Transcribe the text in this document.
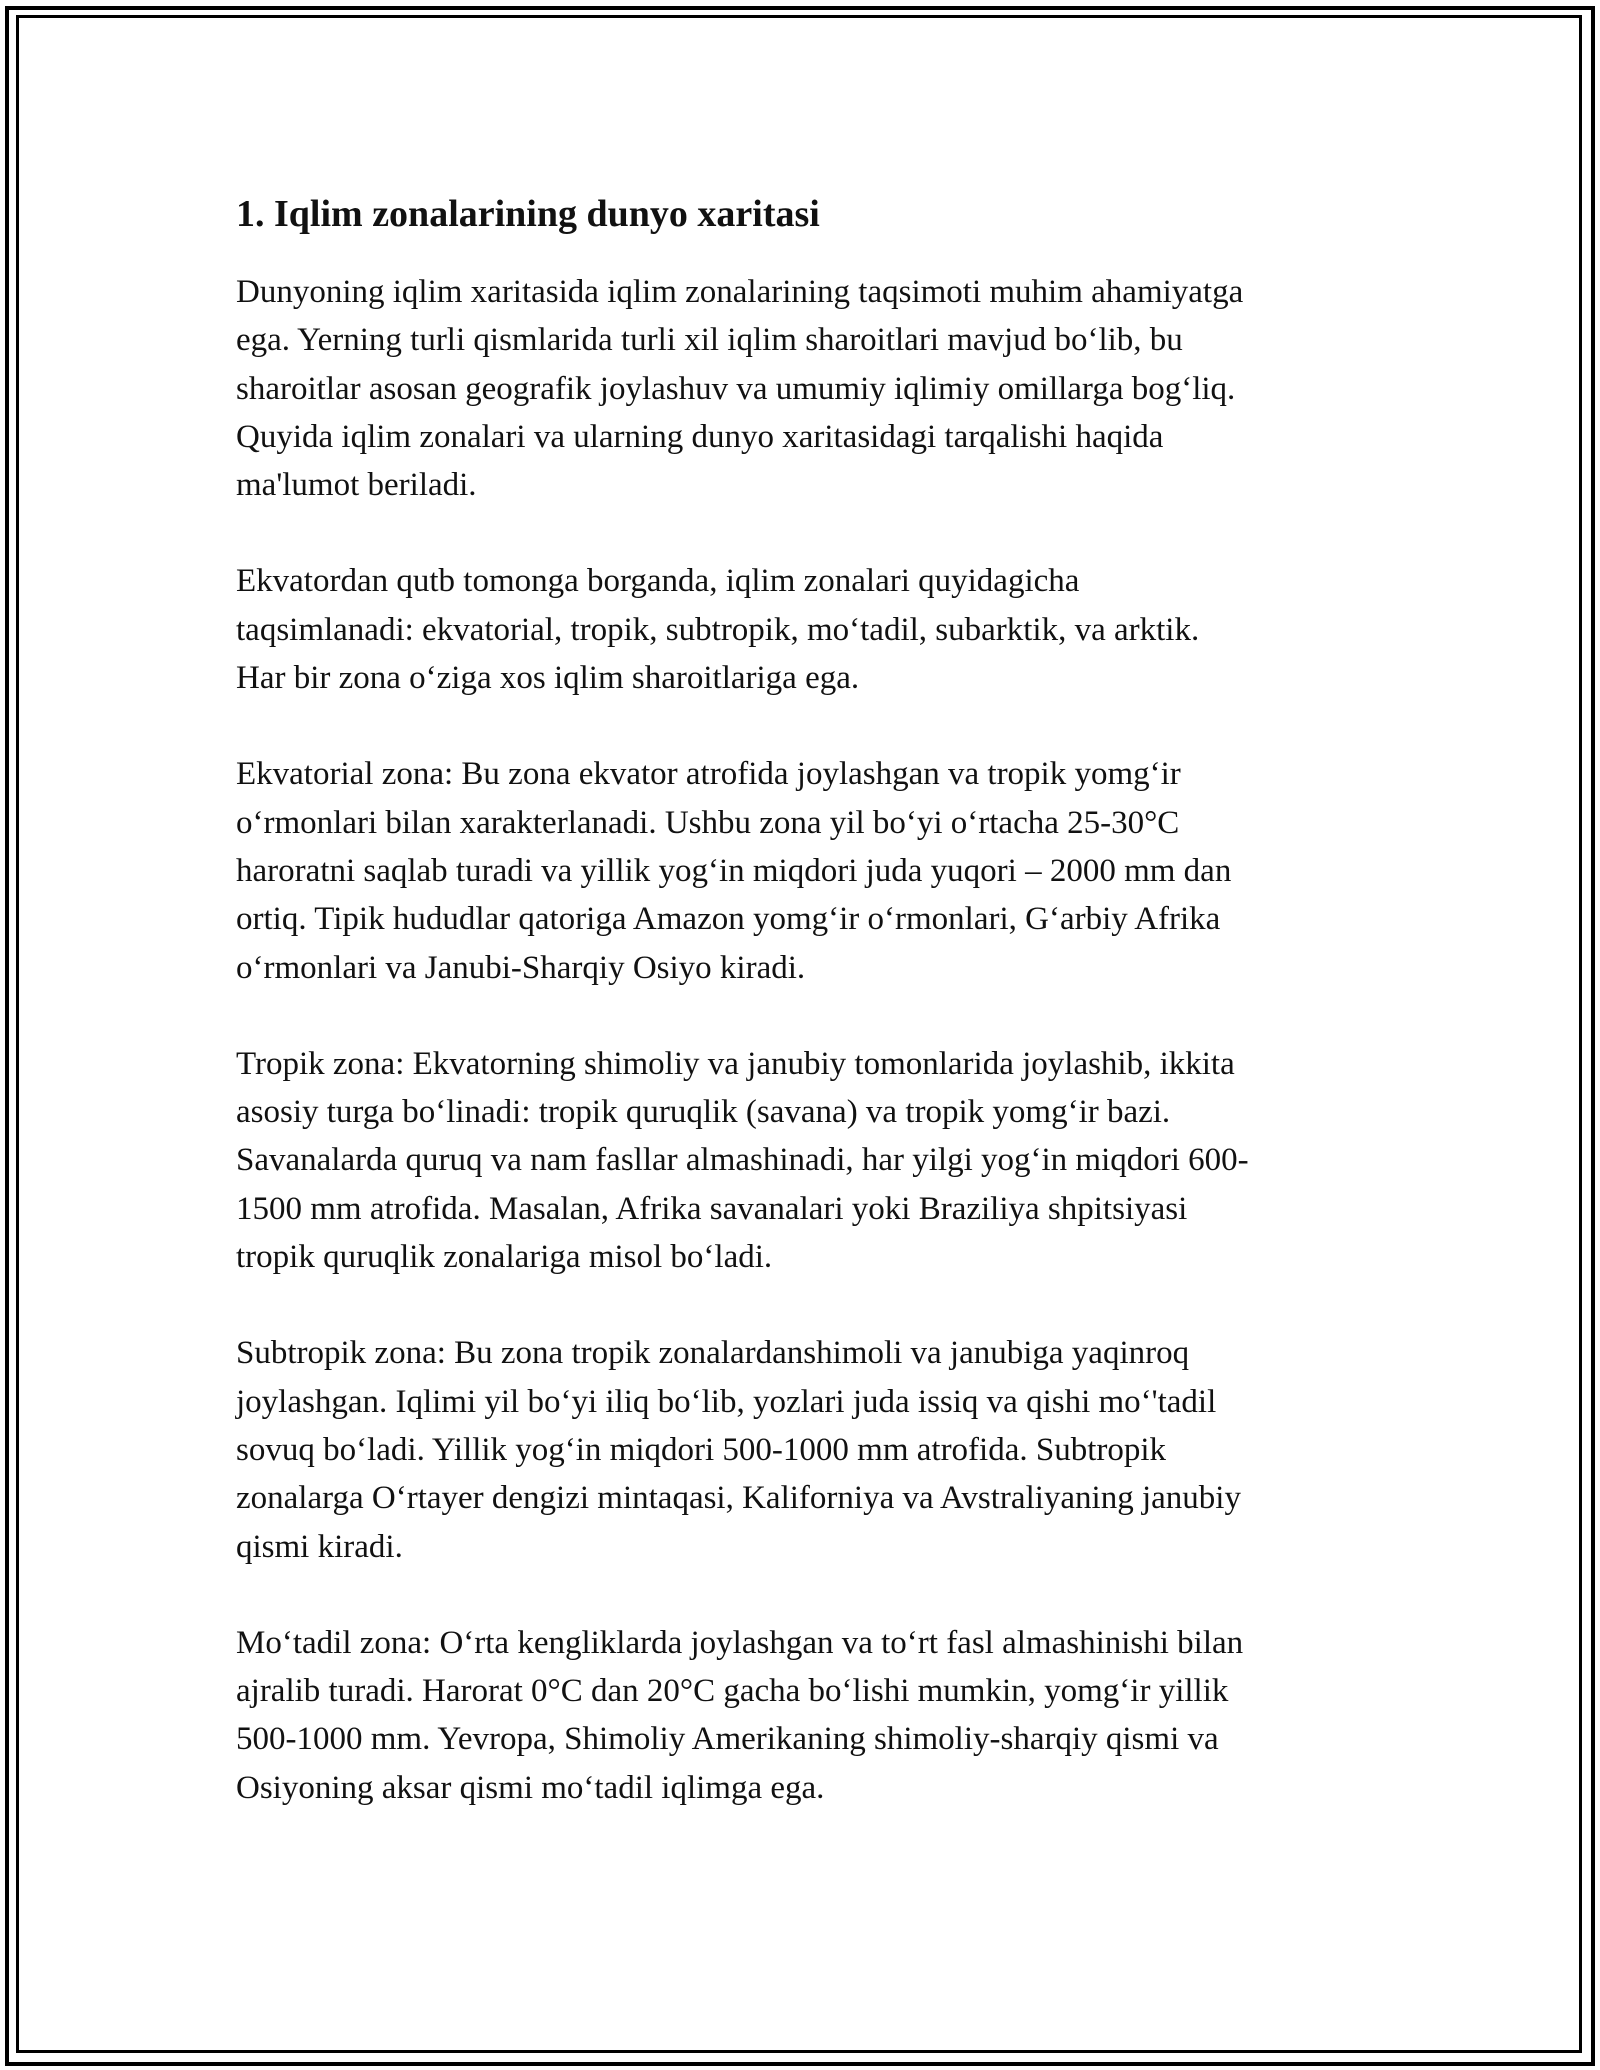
1. Iqlim zonalarining dunyo xaritasi

Dunyoning iqlim xaritasida iqlim zonalarining taqsimoti muhim ahamiyatga
ega. Yerning turli qismlarida turli xil iqlim sharoitlari mavjud bo‘lib, bu
sharoitlar asosan geografik joylashuv va umumiy iqlimiy omillarga bog‘liq.
Quyida iqlim zonalari va ularning dunyo xaritasidagi tarqalishi haqida
ma'lumot beriladi.

Ekvatordan qutb tomonga borganda, iqlim zonalari quyidagicha
taqsimlanadi: ekvatorial, tropik, subtropik, mo‘tadil, subarktik, va arktik.
Har bir zona o‘ziga xos iqlim sharoitlariga ega.

Ekvatorial zona: Bu zona ekvator atrofida joylashgan va tropik yomg‘ir
o‘rmonlari bilan xarakterlanadi. Ushbu zona yil bo‘yi o‘rtacha 25-30°C
haroratni saqlab turadi va yillik yog‘in miqdori juda yuqori – 2000 mm dan
ortiq. Tipik hududlar qatoriga Amazon yomg‘ir o‘rmonlari, G‘arbiy Afrika
o‘rmonlari va Janubi-Sharqiy Osiyo kiradi.

Tropik zona: Ekvatorning shimoliy va janubiy tomonlarida joylashib, ikkita
asosiy turga bo‘linadi: tropik quruqlik (savana) va tropik yomg‘ir bazi.
Savanalarda quruq va nam fasllar almashinadi, har yilgi yog‘in miqdori 600-
1500 mm atrofida. Masalan, Afrika savanalari yoki Braziliya shpitsiyasi
tropik quruqlik zonalariga misol bo‘ladi.

Subtropik zona: Bu zona tropik zonalardanshimoli va janubiga yaqinroq
joylashgan. Iqlimi yil bo‘yi iliq bo‘lib, yozlari juda issiq va qishi mo‘'tadil
sovuq bo‘ladi. Yillik yog‘in miqdori 500-1000 mm atrofida. Subtropik
zonalarga O‘rtayer dengizi mintaqasi, Kaliforniya va Avstraliyaning janubiy
qismi kiradi.

Mo‘tadil zona: O‘rta kengliklarda joylashgan va to‘rt fasl almashinishi bilan
ajralib turadi. Harorat 0°C dan 20°C gacha bo‘lishi mumkin, yomg‘ir yillik
500-1000 mm. Yevropa, Shimoliy Amerikaning shimoliy-sharqiy qismi va
Osiyoning aksar qismi mo‘tadil iqlimga ega.
